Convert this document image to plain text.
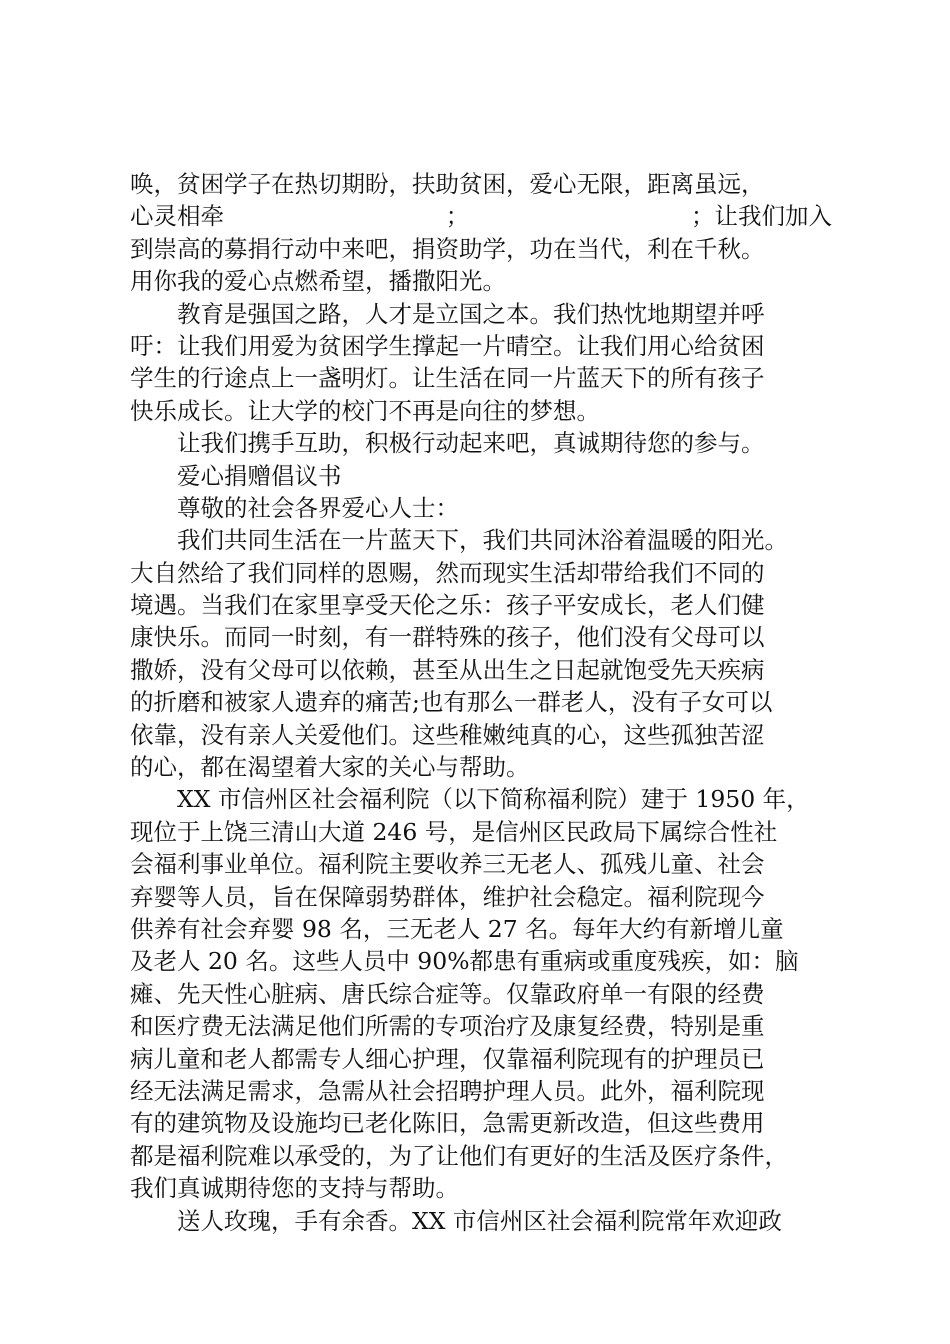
唤，贫困学子在热切期盼，扶助贫困，爱心无限，距离虽远，
心灵相牵	；	；让我们加入
到崇高的募捐行动中来吧，捐资助学，功在当代，利在千秋。
用你我的爱心点燃希望，播撒阳光。
教育是强国之路，人才是立国之本。我们热忱地期望并呼
吁：让我们用爱为贫困学生撑起一片晴空。让我们用心给贫困
学生的行途点上一盏明灯。让生活在同一片蓝天下的所有孩子
快乐成长。让大学的校门不再是向往的梦想。
让我们携手互助，积极行动起来吧，真诚期待您的参与。
爱心捐赠倡议书
尊敬的社会各界爱心人士：
我们共同生活在一片蓝天下，我们共同沐浴着温暖的阳光。
大自然给了我们同样的恩赐，然而现实生活却带给我们不同的
境遇。当我们在家里享受天伦之乐：孩子平安成长，老人们健
康快乐。而同一时刻，有一群特殊的孩子，他们没有父母可以
撒娇，没有父母可以依赖，甚至从出生之日起就饱受先天疾病
的折磨和被家人遗弃的痛苦;也有那么一群老人，没有子女可以
依靠，没有亲人关爱他们。这些稚嫩纯真的心，这些孤独苦涩
的心，都在渴望着大家的关心与帮助。
XX 市信州区社会福利院（以下简称福利院）建于 1950 年，
现位于上饶三清山大道 246 号，是信州区民政局下属综合性社
会福利事业单位。福利院主要收养三无老人、孤残儿童、社会
弃婴等人员，旨在保障弱势群体，维护社会稳定。福利院现今
供养有社会弃婴 98 名，三无老人 27 名。每年大约有新增儿童
及老人 20 名。这些人员中 90%都患有重病或重度残疾，如：脑
瘫、先天性心脏病、唐氏综合症等。仅靠政府单一有限的经费
和医疗费无法满足他们所需的专项治疗及康复经费，特别是重
病儿童和老人都需专人细心护理，仅靠福利院现有的护理员已
经无法满足需求，急需从社会招聘护理人员。此外，福利院现
有的建筑物及设施均已老化陈旧，急需更新改造，但这些费用
都是福利院难以承受的，为了让他们有更好的生活及医疗条件，
我们真诚期待您的支持与帮助。
送人玫瑰，手有余香。XX 市信州区社会福利院常年欢迎政
